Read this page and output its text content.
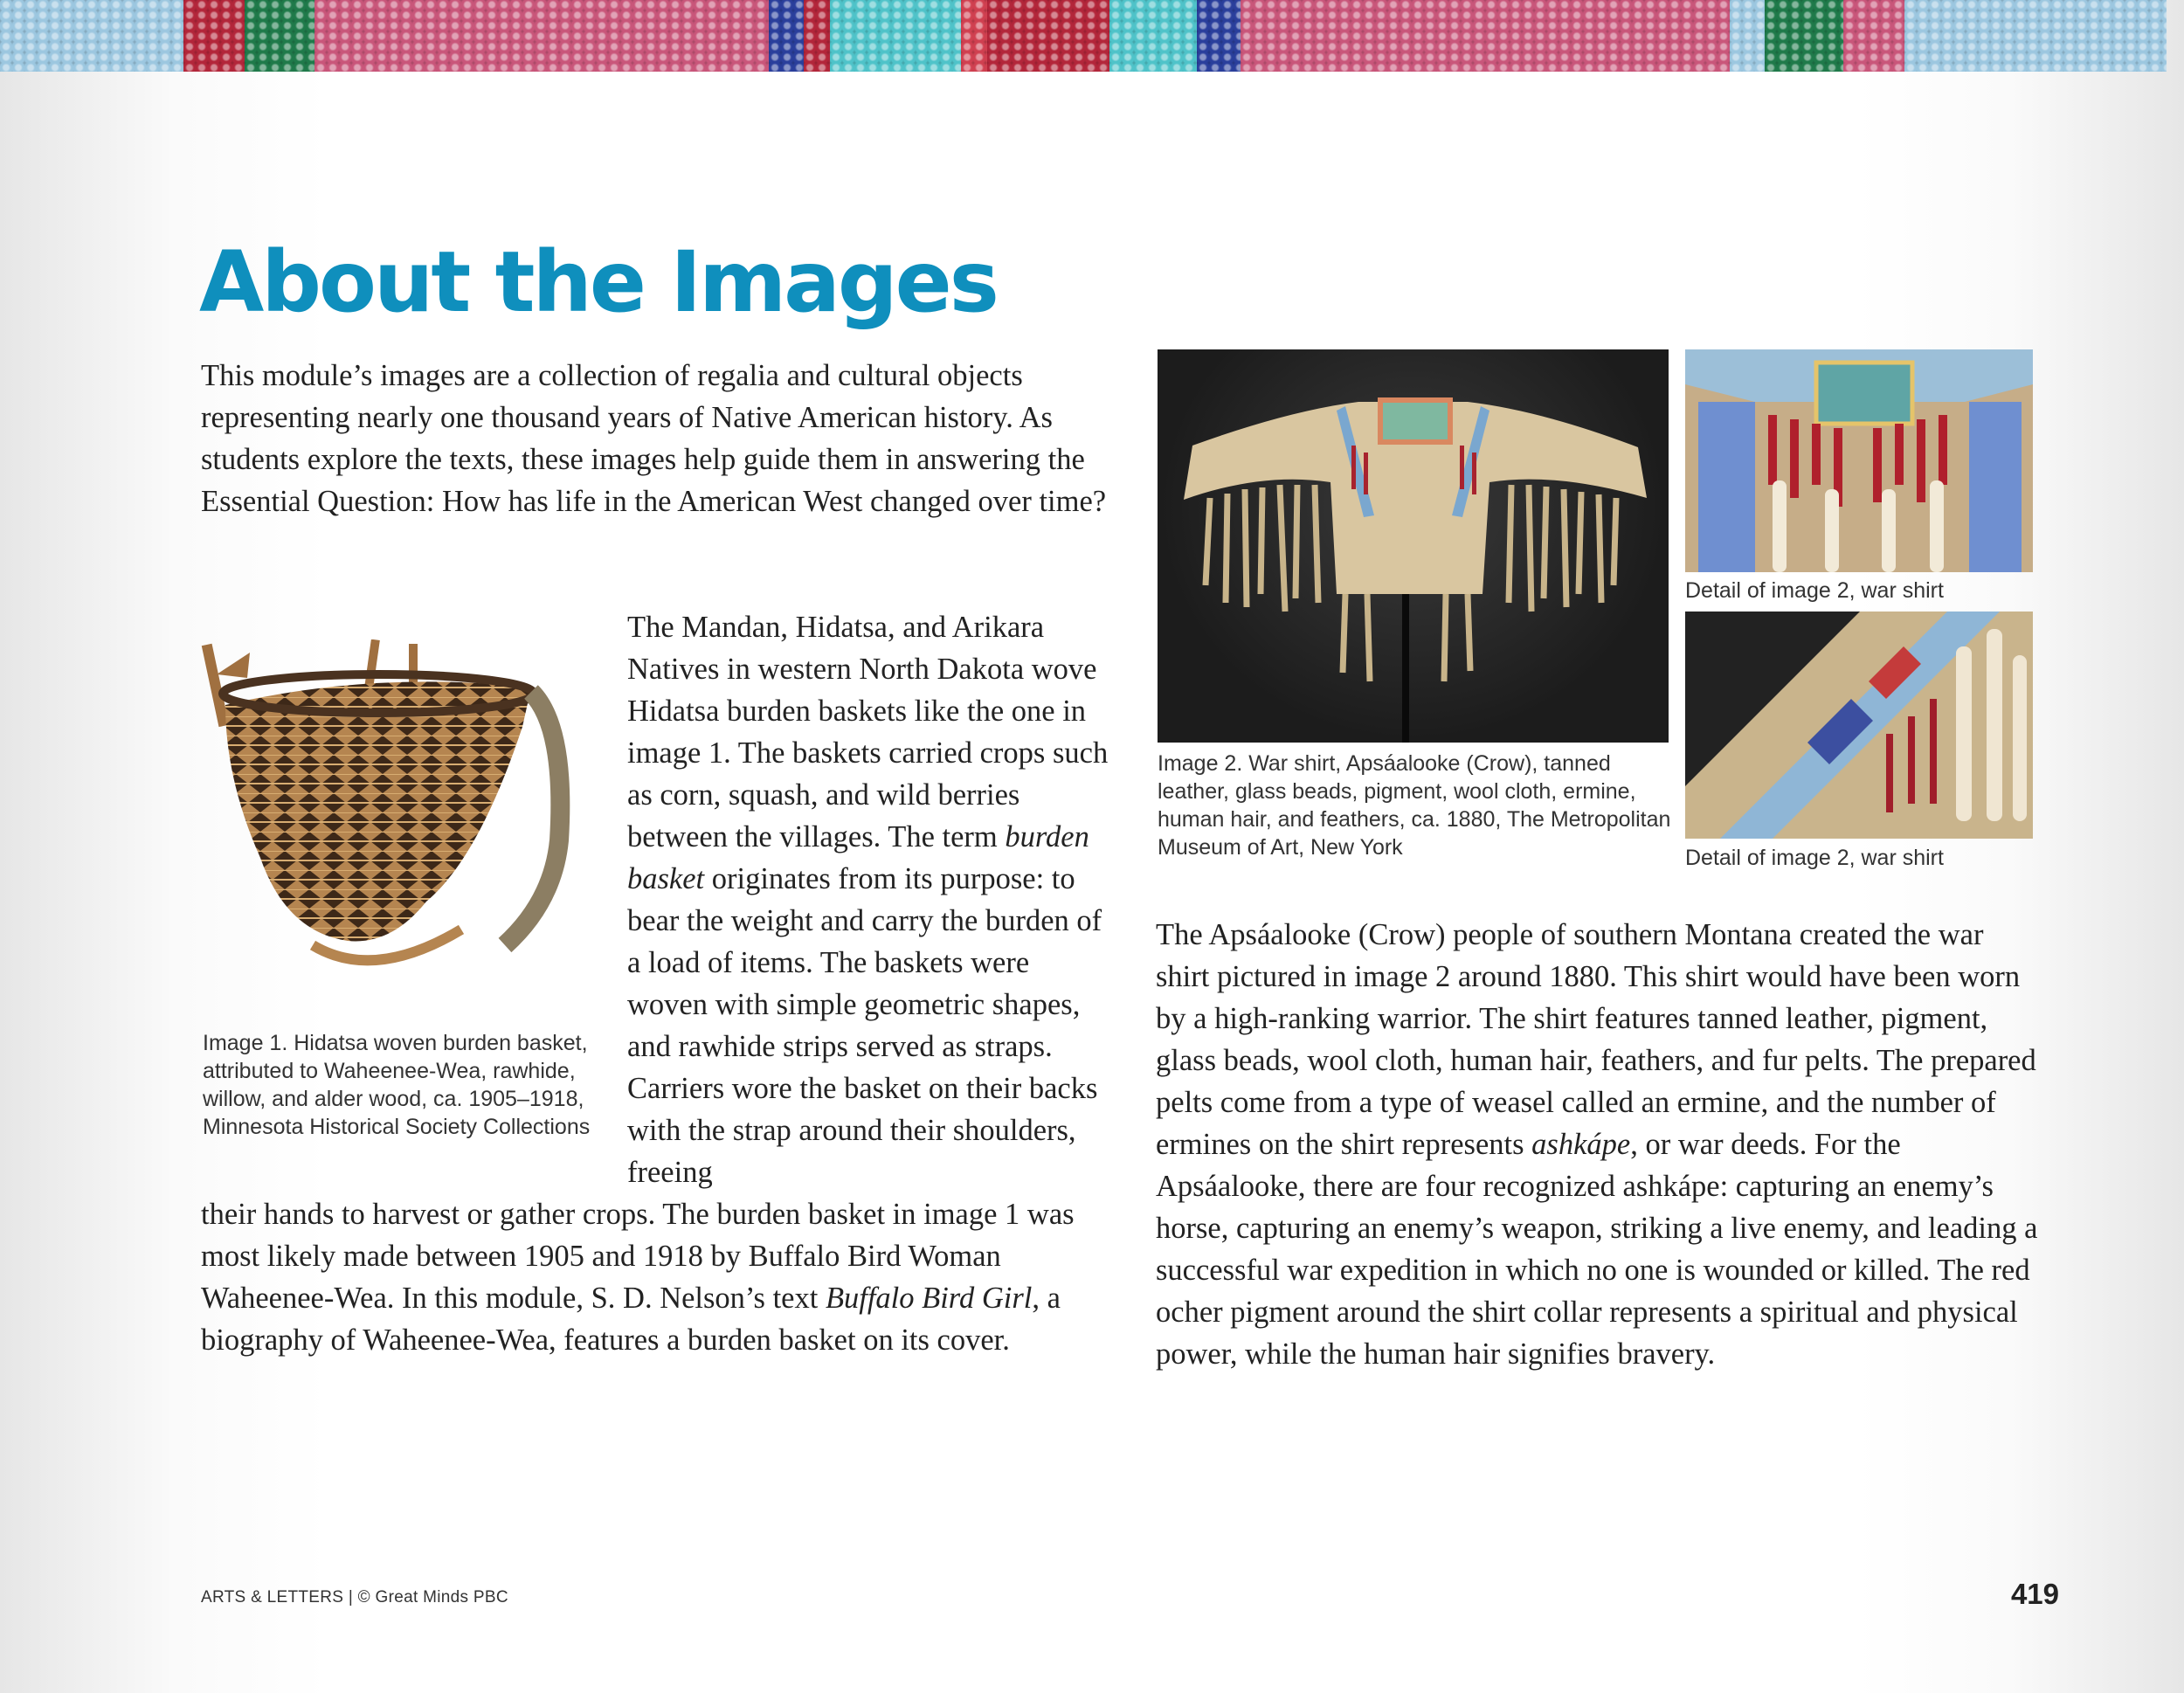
About the Images

This module’s images are a collection of regalia and cultural objects representing nearly one thousand years of Native American history. As students explore the texts, these images help guide them in answering the Essential Question: How has life in the American West changed over time?

Image 1. Hidatsa woven burden basket, attributed to Waheenee-Wea, rawhide, willow, and alder wood, ca. 1905–1918, Minnesota Historical Society Collections

The Mandan, Hidatsa, and Arikara Natives in western North Dakota wove Hidatsa burden baskets like the one in image 1. The baskets carried crops such as corn, squash, and wild berries between the villages. The term burden basket originates from its purpose: to bear the weight and carry the burden of a load of items. The baskets were woven with simple geometric shapes, and rawhide strips served as straps. Carriers wore the basket on their backs with the strap around their shoulders, freeing

their hands to harvest or gather crops. The burden basket in image 1 was most likely made between 1905 and 1918 by Buffalo Bird Woman Waheenee-Wea. In this module, S. D. Nelson’s text Buffalo Bird Girl, a biography of Waheenee-Wea, features a burden basket on its cover.

Image 2. War shirt, Apsáalooke (Crow), tanned leather, glass beads, pigment, wool cloth, ermine, human hair, and feathers, ca. 1880, The Metropolitan Museum of Art, New York

Detail of image 2, war shirt

Detail of image 2, war shirt

The Apsáalooke (Crow) people of southern Montana created the war shirt pictured in image 2 around 1880. This shirt would have been worn by a high-ranking warrior. The shirt features tanned leather, pigment, glass beads, wool cloth, human hair, feathers, and fur pelts. The prepared pelts come from a type of weasel called an ermine, and the number of ermines on the shirt represents ashkápe, or war deeds. For the Apsáalooke, there are four recognized ashkápe: capturing an enemy’s horse, capturing an enemy’s weapon, striking a live enemy, and leading a successful war expedition in which no one is wounded or killed. The red ocher pigment around the shirt collar represents a spiritual and physical power, while the human hair signifies bravery.

ARTS & LETTERS | © Great Minds PBC	419
